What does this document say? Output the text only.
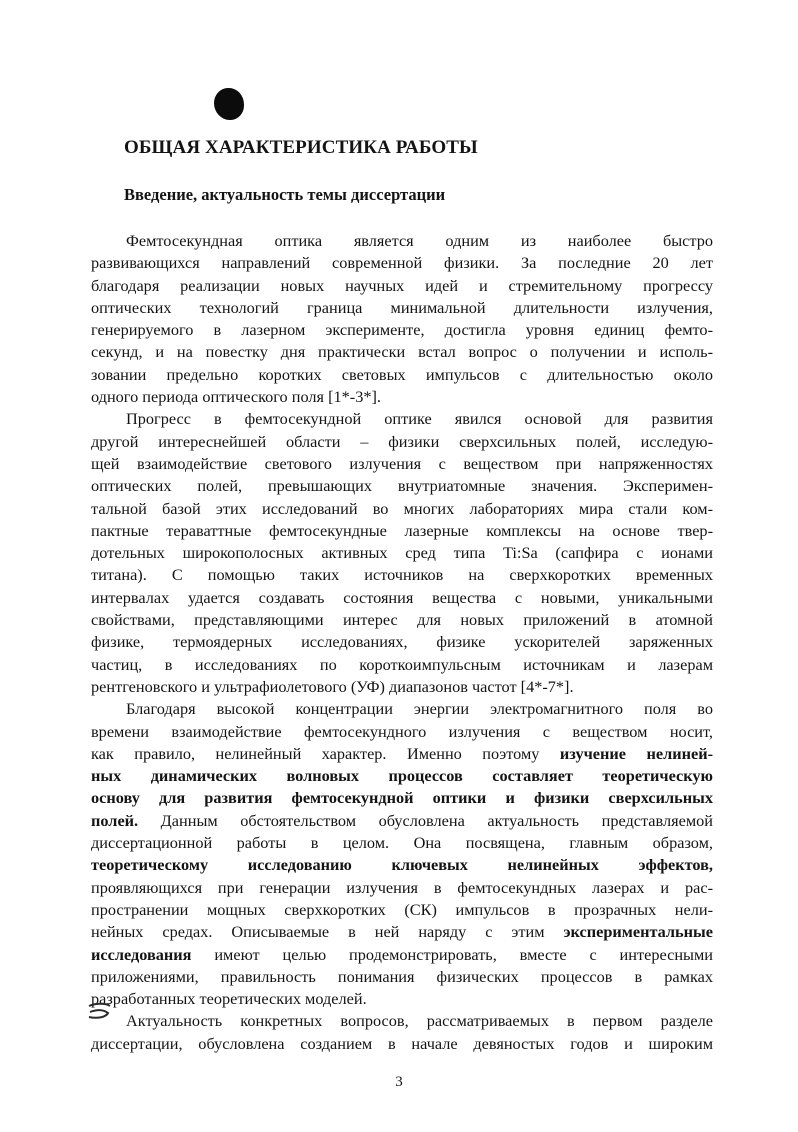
ОБЩАЯ ХАРАКТЕРИСТИКА РАБОТЫ
Введение, актуальность темы диссертации

Фемтосекундная оптика является одним из наиболее быстро
развивающихся направлений современной физики. За последние 20 лет
благодаря реализации новых научных идей и стремительному прогрессу
оптических технологий граница минимальной длительности излучения,
генерируемого в лазерном эксперименте, достигла уровня единиц фемто-
секунд, и на повестку дня практически встал вопрос о получении и исполь-
зовании предельно коротких световых импульсов с длительностью около
одного периода оптического поля [1*-3*].

Прогресс в фемтосекундной оптике явился основой для развития
другой интереснейшей области – физики сверхсильных полей, исследую-
щей взаимодействие светового излучения с веществом при напряженностях
оптических полей, превышающих внутриатомные значения. Эксперимен-
тальной базой этих исследований во многих лабораториях мира стали ком-
пактные тераваттные фемтосекундные лазерные комплексы на основе твер-
дотельных широкополосных активных сред типа Ti:Sa (сапфира с ионами
титана). С помощью таких источников на сверхкоротких временных
интервалах удается создавать состояния вещества с новыми, уникальными
свойствами, представляющими интерес для новых приложений в атомной
физике, термоядерных исследованиях, физике ускорителей заряженных
частиц, в исследованиях по короткоимпульсным источникам и лазерам
рентгеновского и ультрафиолетового (УФ) диапазонов частот [4*-7*].

Благодаря высокой концентрации энергии электромагнитного поля во
времени взаимодействие фемтосекундного излучения с веществом носит,
как правило, нелинейный характер. Именно поэтому изучение нелиней-
ных динамических волновых процессов составляет теоретическую
основу для развития фемтосекундной оптики и физики сверхсильных
полей. Данным обстоятельством обусловлена актуальность представляемой
диссертационной работы в целом. Она посвящена, главным образом,
теоретическому исследованию ключевых нелинейных эффектов,
проявляющихся при генерации излучения в фемтосекундных лазерах и рас-
пространении мощных сверхкоротких (СК) импульсов в прозрачных нели-
нейных средах. Описываемые в ней наряду с этим экспериментальные
исследования имеют целью продемонстрировать, вместе с интересными
приложениями, правильность понимания физических процессов в рамках
разработанных теоретических моделей.

Актуальность конкретных вопросов, рассматриваемых в первом разделе
диссертации, обусловлена созданием в начале девяностых годов и широким

3
